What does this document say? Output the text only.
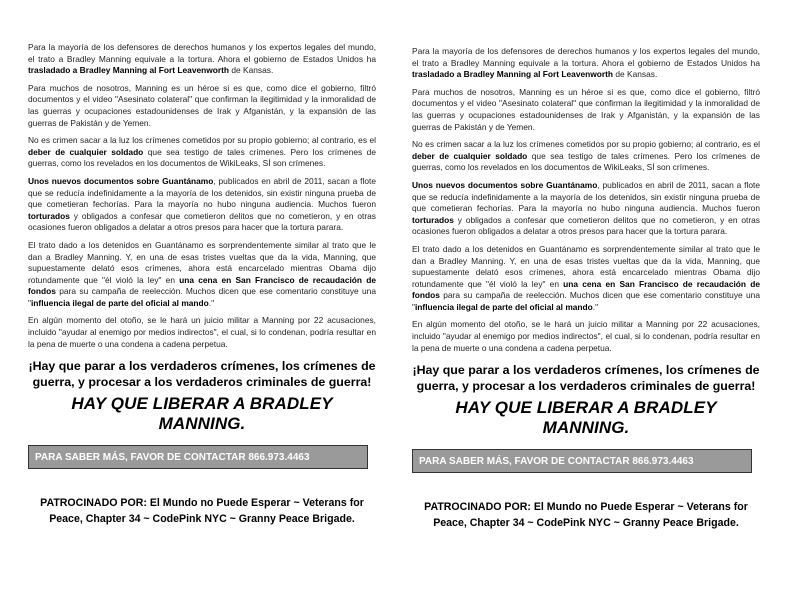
Para la mayoría de los defensores de derechos humanos y los expertos legales del mundo, el trato a Bradley Manning equivale a la tortura. Ahora el gobierno de Estados Unidos ha trasladado a Bradley Manning al Fort Leavenworth de Kansas.

Para muchos de nosotros, Manning es un héroe si es que, como dice el gobierno, filtró documentos y el video "Asesinato colateral" que confirman la ilegitimidad y la inmoralidad de las guerras y ocupaciones estadounidenses de Irak y Afganistán, y la expansión de las guerras de Pakistán y de Yemen.

No es crimen sacar a la luz los crímenes cometidos por su propio gobierno; al contrario, es el deber de cualquier soldado que sea testigo de tales crímenes. Pero los crímenes de guerras, como los revelados en los documentos de WikiLeaks, SÍ son crímenes.

Unos nuevos documentos sobre Guantánamo, publicados en abril de 2011, sacan a flote que se reducía indefinidamente a la mayoría de los detenidos, sin existir ninguna prueba de que cometieran fechorías. Para la mayoría no hubo ninguna audiencia. Muchos fueron torturados y obligados a confesar que cometieron delitos que no cometieron, y en otras ocasiones fueron obligados a delatar a otros presos para hacer que la tortura parara.

El trato dado a los detenidos en Guantánamo es sorprendentemente similar al trato que le dan a Bradley Manning. Y, en una de esas tristes vueltas que da la vida, Manning, que supuestamente delató esos crímenes, ahora está encarcelado mientras Obama dijo rotundamente que "él violó la ley" en una cena en San Francisco de recaudación de fondos para su campaña de reelección. Muchos dicen que ese comentario constituye una "influencia ilegal de parte del oficial al mando."

En algún momento del otoño, se le hará un juicio militar a Manning por 22 acusaciones, incluido "ayudar al enemigo por medios indirectos", el cual, si lo condenan, podría resultar en la pena de muerte o una condena a cadena perpetua.

¡Hay que parar a los verdaderos crímenes, los crímenes de guerra, y procesar a los verdaderos criminales de guerra!

HAY QUE LIBERAR A BRADLEY MANNING.

PARA SABER MÁS, FAVOR DE CONTACTAR 866.973.4463

PATROCINADO POR: El Mundo no Puede Esperar ~ Veterans for Peace, Chapter 34 ~ CodePink NYC ~ Granny Peace Brigade.

Para la mayoría de los defensores de derechos humanos y los expertos legales del mundo, el trato a Bradley Manning equivale a la tortura. Ahora el gobierno de Estados Unidos ha trasladado a Bradley Manning al Fort Leavenworth de Kansas.

Para muchos de nosotros, Manning es un héroe si es que, como dice el gobierno, filtró documentos y el video "Asesinato colateral" que confirman la ilegitimidad y la inmoralidad de las guerras y ocupaciones estadounidenses de Irak y Afganistán, y la expansión de las guerras de Pakistán y de Yemen.

No es crimen sacar a la luz los crímenes cometidos por su propio gobierno; al contrario, es el deber de cualquier soldado que sea testigo de tales crímenes. Pero los crímenes de guerras, como los revelados en los documentos de WikiLeaks, SÍ son crímenes.

Unos nuevos documentos sobre Guantánamo, publicados en abril de 2011, sacan a flote que se reducía indefinidamente a la mayoría de los detenidos, sin existir ninguna prueba de que cometieran fechorías. Para la mayoría no hubo ninguna audiencia. Muchos fueron torturados y obligados a confesar que cometieron delitos que no cometieron, y en otras ocasiones fueron obligados a delatar a otros presos para hacer que la tortura parara.

El trato dado a los detenidos en Guantánamo es sorprendentemente similar al trato que le dan a Bradley Manning. Y, en una de esas tristes vueltas que da la vida, Manning, que supuestamente delató esos crímenes, ahora está encarcelado mientras Obama dijo rotundamente que "él violó la ley" en una cena en San Francisco de recaudación de fondos para su campaña de reelección. Muchos dicen que ese comentario constituye una "influencia ilegal de parte del oficial al mando."

En algún momento del otoño, se le hará un juicio militar a Manning por 22 acusaciones, incluido "ayudar al enemigo por medios indirectos", el cual, si lo condenan, podría resultar en la pena de muerte o una condena a cadena perpetua.

¡Hay que parar a los verdaderos crímenes, los crímenes de guerra, y procesar a los verdaderos criminales de guerra!

HAY QUE LIBERAR A BRADLEY MANNING.

PARA SABER MÁS, FAVOR DE CONTACTAR 866.973.4463

PATROCINADO POR: El Mundo no Puede Esperar ~ Veterans for Peace, Chapter 34 ~ CodePink NYC ~ Granny Peace Brigade.
